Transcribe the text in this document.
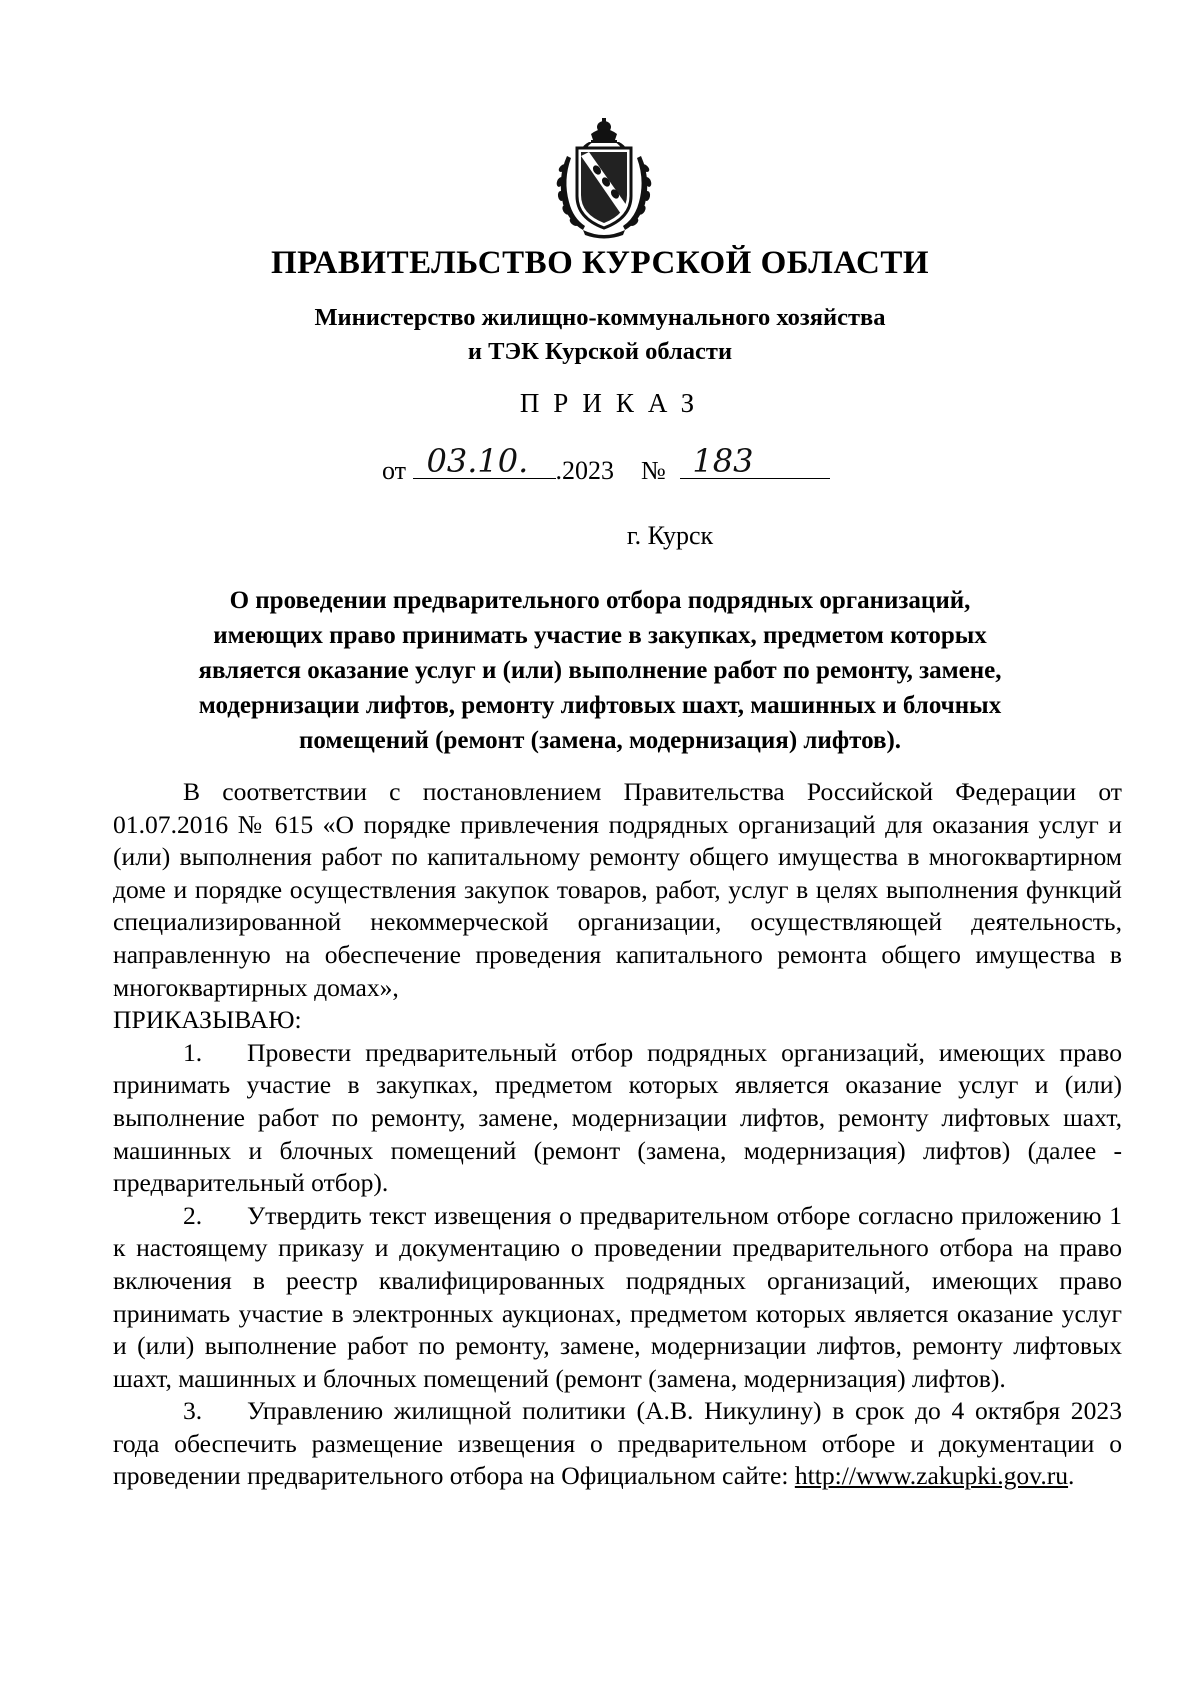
ПРАВИТЕЛЬСТВО КУРСКОЙ ОБЛАСТИ
Министерство жилищно-коммунального хозяйства
и ТЭК Курской области
ПРИКАЗ
от 03.10. .2023 № 183
г. Курск
О проведении предварительного отбора подрядных организаций,
имеющих право принимать участие в закупках, предметом которых
является оказание услуг и (или) выполнение работ по ремонту, замене,
модернизации лифтов, ремонту лифтовых шахт, машинных и блочных
помещений (ремонт (замена, модернизация) лифтов).

В соответствии с постановлением Правительства Российской Федерации от 01.07.2016 № 615 «О порядке привлечения подрядных организаций для оказания услуг и (или) выполнения работ по капитальному ремонту общего имущества в многоквартирном доме и порядке осуществления закупок товаров, работ, услуг в целях выполнения функций специализированной некоммерческой организации, осуществляющей деятельность, направленную на обеспечение проведения капитального ремонта общего имущества в многоквартирных домах»,

ПРИКАЗЫВАЮ:

1. Провести предварительный отбор подрядных организаций, имеющих право принимать участие в закупках, предметом которых является оказание услуг и (или) выполнение работ по ремонту, замене, модернизации лифтов, ремонту лифтовых шахт, машинных и блочных помещений (ремонт (замена, модернизация) лифтов) (далее - предварительный отбор).

2. Утвердить текст извещения о предварительном отборе согласно приложению 1 к настоящему приказу и документацию о проведении предварительного отбора на право включения в реестр квалифицированных подрядных организаций, имеющих право принимать участие в электронных аукционах, предметом которых является оказание услуг и (или) выполнение работ по ремонту, замене, модернизации лифтов, ремонту лифтовых шахт, машинных и блочных помещений (ремонт (замена, модернизация) лифтов).

3. Управлению жилищной политики (А.В. Никулину) в срок до 4 октября 2023 года обеспечить размещение извещения о предварительном отборе и документации о проведении предварительного отбора на Официальном сайте: http://www.zakupki.gov.ru.
